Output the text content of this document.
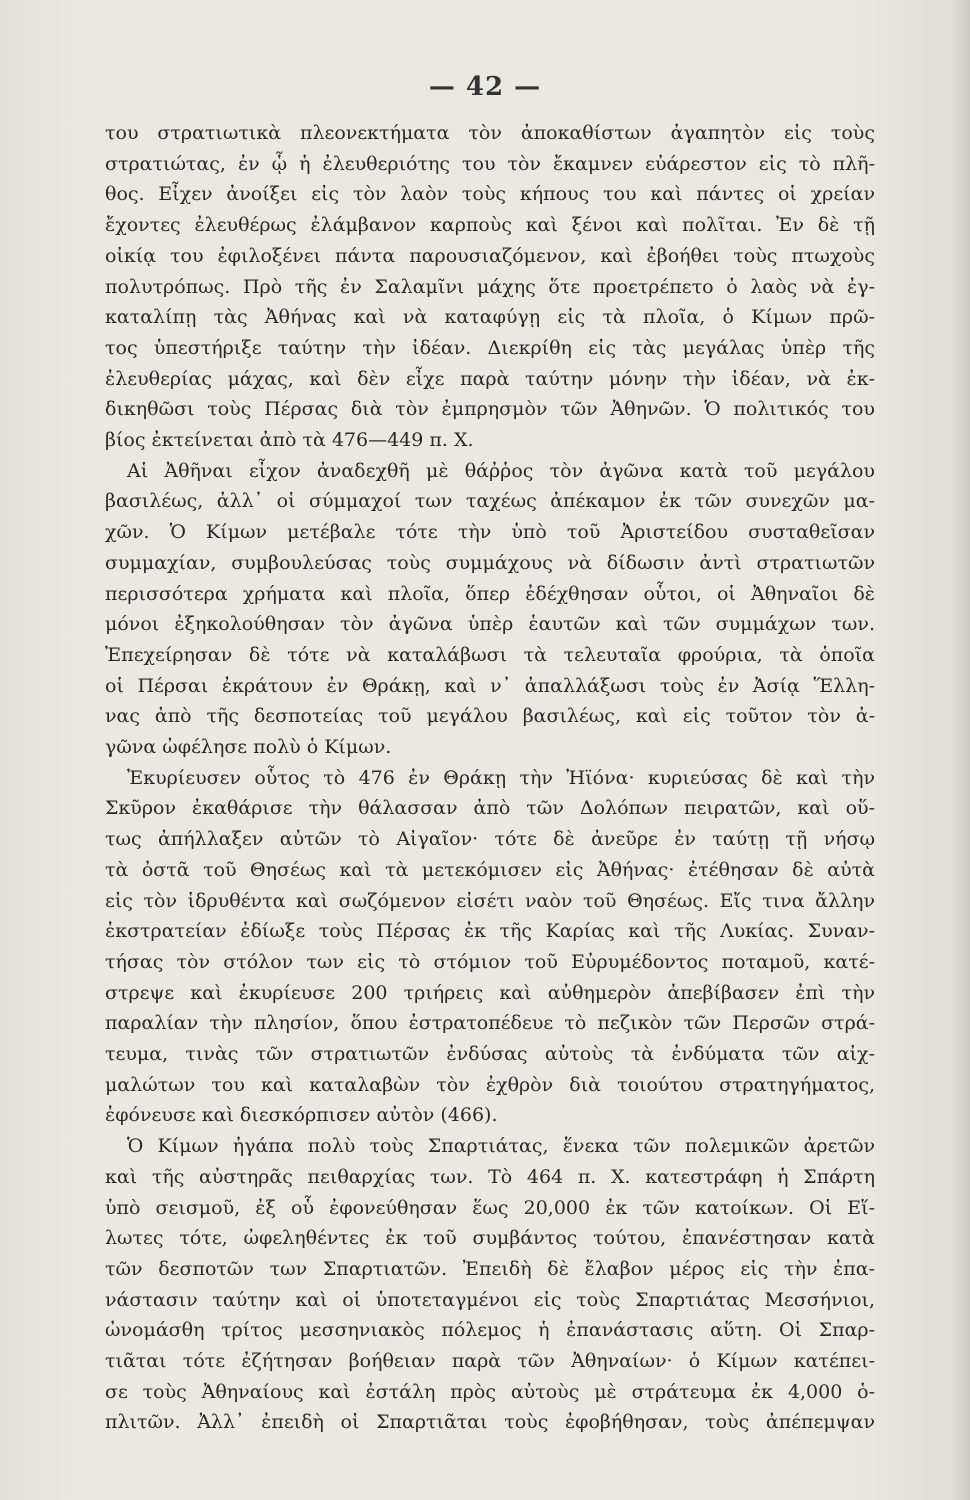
— 42 —
του στρατιωτικὰ πλεονεκτήματα τὸν ἀποκαθίστων ἀγαπητὸν εἰς τοὺς
στρατιώτας, ἐν ᾧ ἡ ἐλευθεριότης του τὸν ἔκαμνεν εὐάρεστον εἰς τὸ πλῆ-
θος. Εἶχεν ἀνοίξει εἰς τὸν λαὸν τοὺς κήπους του καὶ πάντες οἱ χρείαν
ἔχοντες ἐλευθέρως ἐλάμβανον καρποὺς καὶ ξένοι καὶ πολῖται. Ἐν δὲ τῇ
οἰκίᾳ του ἐφιλοξένει πάντα παρουσιαζόμενον, καὶ ἐβοήθει τοὺς πτωχοὺς
πολυτρόπως. Πρὸ τῆς ἐν Σαλαμῖνι μάχης ὅτε προετρέπετο ὁ λαὸς νὰ ἐγ-
καταλίπῃ τὰς Ἀθήνας καὶ νὰ καταφύγῃ εἰς τὰ πλοῖα, ὁ Κίμων πρῶ-
τος ὑπεστήριξε ταύτην τὴν ἰδέαν. Διεκρίθη εἰς τὰς μεγάλας ὑπὲρ τῆς
ἐλευθερίας μάχας, καὶ δὲν εἶχε παρὰ ταύτην μόνην τὴν ἰδέαν, νὰ ἐκ-
δικηθῶσι τοὺς Πέρσας διὰ τὸν ἐμπρησμὸν τῶν Ἀθηνῶν. Ὁ πολιτικός του
βίος ἐκτείνεται ἀπὸ τὰ 476—449 π. Χ.
Αἱ Ἀθῆναι εἶχον ἀναδεχθῆ μὲ θάῤῥος τὸν ἀγῶνα κατὰ τοῦ μεγάλου
βασιλέως, ἀλλ᾽ οἱ σύμμαχοί των ταχέως ἀπέκαμον ἐκ τῶν συνεχῶν μα-
χῶν. Ὁ Κίμων μετέβαλε τότε τὴν ὑπὸ τοῦ Ἀριστείδου συσταθεῖσαν
συμμαχίαν, συμβουλεύσας τοὺς συμμάχους νὰ δίδωσιν ἀντὶ στρατιωτῶν
περισσότερα χρήματα καὶ πλοῖα, ὅπερ ἐδέχθησαν οὗτοι, οἱ Ἀθηναῖοι δὲ
μόνοι ἐξηκολούθησαν τὸν ἀγῶνα ὑπὲρ ἑαυτῶν καὶ τῶν συμμάχων των.
Ἐπεχείρησαν δὲ τότε νὰ καταλάβωσι τὰ τελευταῖα φρούρια, τὰ ὁποῖα
οἱ Πέρσαι ἐκράτουν ἐν Θράκῃ, καὶ ν᾽ ἀπαλλάξωσι τοὺς ἐν Ἀσίᾳ Ἕλλη-
νας ἀπὸ τῆς δεσποτείας τοῦ μεγάλου βασιλέως, καὶ εἰς τοῦτον τὸν ἀ-
γῶνα ὠφέλησε πολὺ ὁ Κίμων.
Ἐκυρίευσεν οὗτος τὸ 476 ἐν Θράκῃ τὴν Ἠϊόνα· κυριεύσας δὲ καὶ τὴν
Σκῦρον ἐκαθάρισε τὴν θάλασσαν ἀπὸ τῶν Δολόπων πειρατῶν, καὶ οὕ-
τως ἀπήλλαξεν αὐτῶν τὸ Αἰγαῖον· τότε δὲ ἀνεῦρε ἐν ταύτῃ τῇ νήσῳ
τὰ ὀστᾶ τοῦ Θησέως καὶ τὰ μετεκόμισεν εἰς Ἀθήνας· ἐτέθησαν δὲ αὐτὰ
εἰς τὸν ἱδρυθέντα καὶ σωζόμενον εἰσέτι ναὸν τοῦ Θησέως. Εἴς τινα ἄλλην
ἐκστρατείαν ἐδίωξε τοὺς Πέρσας ἐκ τῆς Καρίας καὶ τῆς Λυκίας. Συναν-
τήσας τὸν στόλον των εἰς τὸ στόμιον τοῦ Εὐρυμέδοντος ποταμοῦ, κατέ-
στρεψε καὶ ἐκυρίευσε 200 τριήρεις καὶ αὐθημερὸν ἀπεβίβασεν ἐπὶ τὴν
παραλίαν τὴν πλησίον, ὅπου ἐστρατοπέδευε τὸ πεζικὸν τῶν Περσῶν στρά-
τευμα, τινὰς τῶν στρατιωτῶν ἐνδύσας αὐτοὺς τὰ ἐνδύματα τῶν αἰχ-
μαλώτων του καὶ καταλαβὼν τὸν ἐχθρὸν διὰ τοιούτου στρατηγήματος,
ἐφόνευσε καὶ διεσκόρπισεν αὐτὸν (466).
Ὁ Κίμων ἠγάπα πολὺ τοὺς Σπαρτιάτας, ἕνεκα τῶν πολεμικῶν ἀρετῶν
καὶ τῆς αὐστηρᾶς πειθαρχίας των. Τὸ 464 π. Χ. κατεστράφη ἡ Σπάρτη
ὑπὸ σεισμοῦ, ἐξ οὗ ἐφονεύθησαν ἕως 20,000 ἐκ τῶν κατοίκων. Οἱ Εἵ-
λωτες τότε, ὠφεληθέντες ἐκ τοῦ συμβάντος τούτου, ἐπανέστησαν κατὰ
τῶν δεσποτῶν των Σπαρτιατῶν. Ἐπειδὴ δὲ ἔλαβον μέρος εἰς τὴν ἐπα-
νάστασιν ταύτην καὶ οἱ ὑποτεταγμένοι εἰς τοὺς Σπαρτιάτας Μεσσήνιοι,
ὠνομάσθη τρίτος μεσσηνιακὸς πόλεμος ἡ ἐπανάστασις αὕτη. Οἱ Σπαρ-
τιᾶται τότε ἐζήτησαν βοήθειαν παρὰ τῶν Ἀθηναίων· ὁ Κίμων κατέπει-
σε τοὺς Ἀθηναίους καὶ ἐστάλη πρὸς αὐτοὺς μὲ στράτευμα ἐκ 4,000 ὁ-
πλιτῶν. Ἀλλ᾽ ἐπειδὴ οἱ Σπαρτιᾶται τοὺς ἐφοβήθησαν, τοὺς ἀπέπεμψαν
